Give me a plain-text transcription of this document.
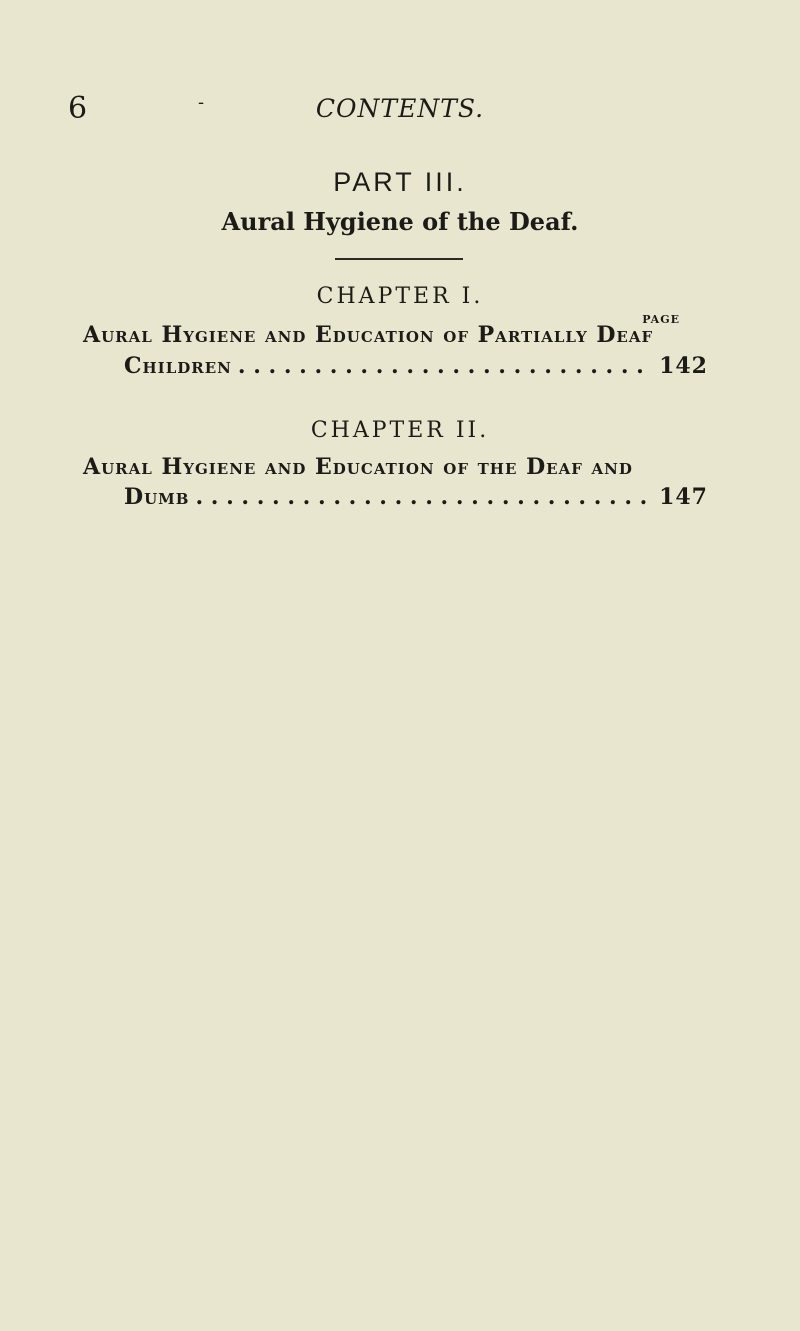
6	-	CONTENTS.
PART III.
Aural Hygiene of the Deaf.
CHAPTER I.
PAGE
Aural Hygiene and Education of Partially Deaf
Children . . .	142
CHAPTER II.
Aural Hygiene and Education of the Deaf and
Dumb . . .	147
